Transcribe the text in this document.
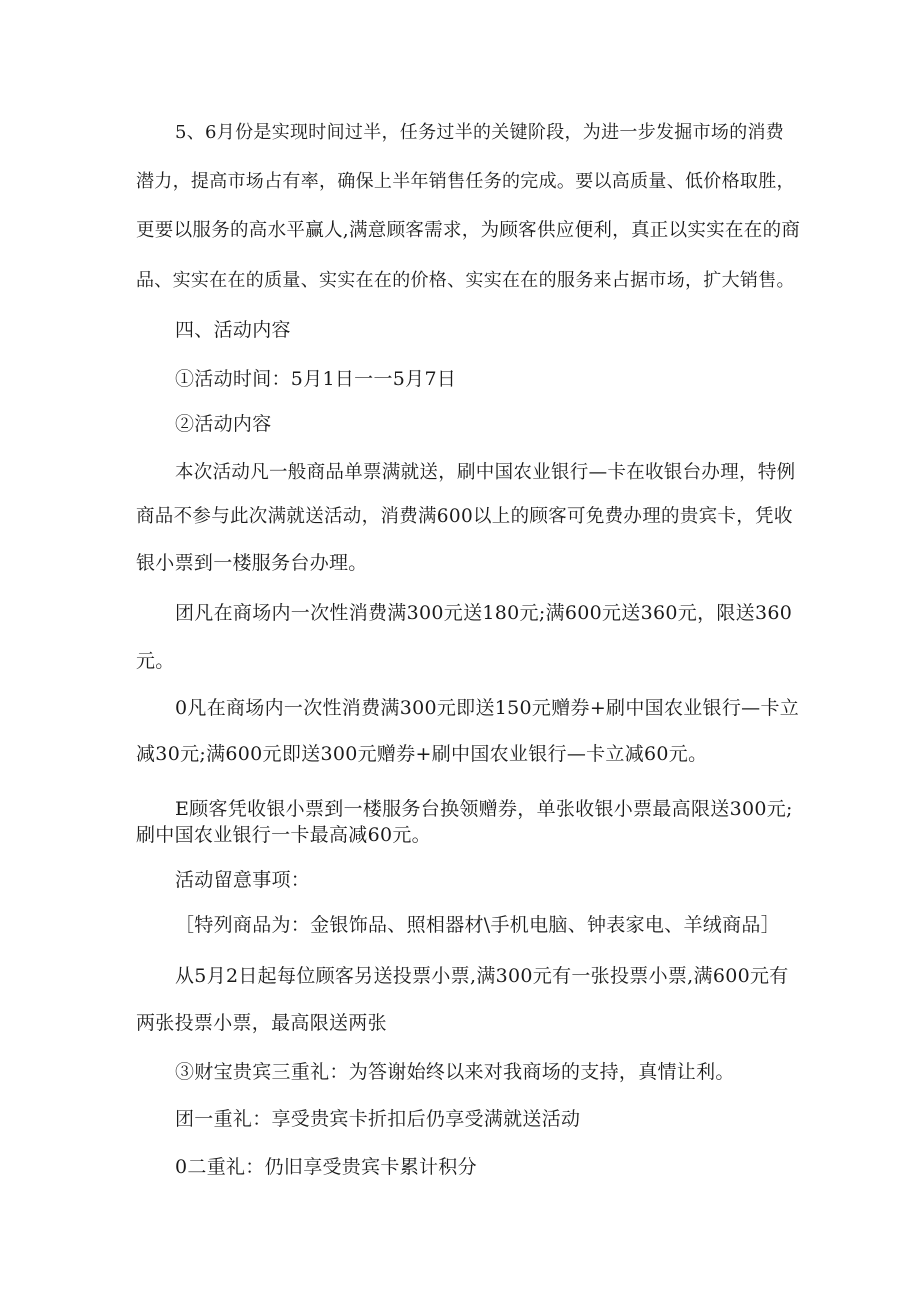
5、6月份是实现时间过半，任务过半的关键阶段，为进一步发掘市场的消费
潜力，提高市场占有率，确保上半年销售任务的完成。要以高质量、低价格取胜，
更要以服务的高水平赢人,满意顾客需求，为顾客供应便利，真正以实实在在的商
品、实实在在的质量、实实在在的价格、实实在在的服务来占据市场，扩大销售。
四、活动内容
①活动时间：5月1日一一5月7日
②活动内容
本次活动凡一般商品单票满就送，刷中国农业银行—卡在收银台办理，特例
商品不参与此次满就送活动，消费满600以上的顾客可免费办理的贵宾卡，凭收
银小票到一楼服务台办理。
团凡在商场内一次性消费满300元送180元;满600元送360元，限送360
元。
0凡在商场内一次性消费满300元即送150元赠券+刷中国农业银行—卡立
减30元;满600元即送300元赠券+刷中国农业银行—卡立减60元。
E顾客凭收银小票到一楼服务台换领赠券，单张收银小票最高限送300元;
刷中国农业银行一卡最高减60元。
活动留意事项：
［特列商品为：金银饰品、照相器材\手机电脑、钟表家电、羊绒商品］
从5月2日起每位顾客另送投票小票,满300元有一张投票小票,满600元有
两张投票小票，最高限送两张
③财宝贵宾三重礼：为答谢始终以来对我商场的支持，真情让利。
团一重礼：享受贵宾卡折扣后仍享受满就送活动
0二重礼：仍旧享受贵宾卡累计积分
